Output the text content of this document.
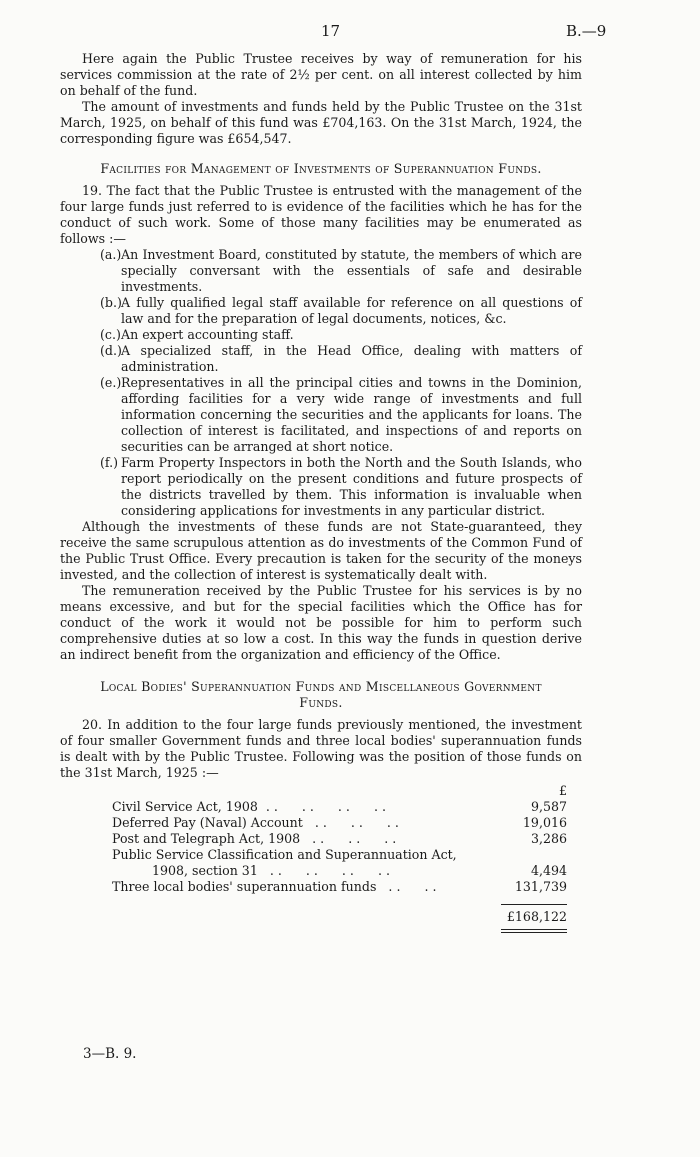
17	B.—9

Here again the Public Trustee receives by way of remuneration for his services commission at the rate of 2½ per cent. on all interest collected by him on behalf of the fund.

The amount of investments and funds held by the Public Trustee on the 31st March, 1925, on behalf of this fund was £704,163. On the 31st March, 1924, the corresponding figure was £654,547.

Facilities for Management of Investments of Superannuation Funds.

19. The fact that the Public Trustee is entrusted with the management of the four large funds just referred to is evidence of the facilities which he has for the conduct of such work. Some of those many facilities may be enumerated as follows :—

(a.) An Investment Board, constituted by statute, the members of which are specially conversant with the essentials of safe and desirable investments.
(b.) A fully qualified legal staff available for reference on all questions of law and for the preparation of legal documents, notices, &c.
(c.) An expert accounting staff.
(d.) A specialized staff, in the Head Office, dealing with matters of administration.
(e.) Representatives in all the principal cities and towns in the Dominion, affording facilities for a very wide range of investments and full information concerning the securities and the applicants for loans. The collection of interest is facilitated, and inspections of and reports on securities can be arranged at short notice.
(f.) Farm Property Inspectors in both the North and the South Islands, who report periodically on the present conditions and future prospects of the districts travelled by them. This information is invaluable when considering applications for investments in any particular district.

Although the investments of these funds are not State-guaranteed, they receive the same scrupulous attention as do investments of the Common Fund of the Public Trust Office. Every precaution is taken for the security of the moneys invested, and the collection of interest is systematically dealt with.

The remuneration received by the Public Trustee for his services is by no means excessive, and but for the special facilities which the Office has for conduct of the work it would not be possible for him to perform such comprehensive duties at so low a cost. In this way the funds in question derive an indirect benefit from the organization and efficiency of the Office.

Local Bodies' Superannuation Funds and Miscellaneous Government
Funds.

20. In addition to the four large funds previously mentioned, the investment of four smaller Government funds and three local bodies' superannuation funds is dealt with by the Public Trustee. Following was the position of those funds on the 31st March, 1925 :—

£
Civil Service Act, 1908  . .      . .      . .      . .	9,587
Deferred Pay (Naval) Account   . .      . .      . .	19,016
Post and Telegraph Act, 1908   . .      . .      . .	3,286
Public Service Classification and Superannuation Act,
1908, section 31   . .      . .      . .      . .	4,494
Three local bodies' superannuation funds   . .      . .	131,739
£168,122
3—B. 9.
